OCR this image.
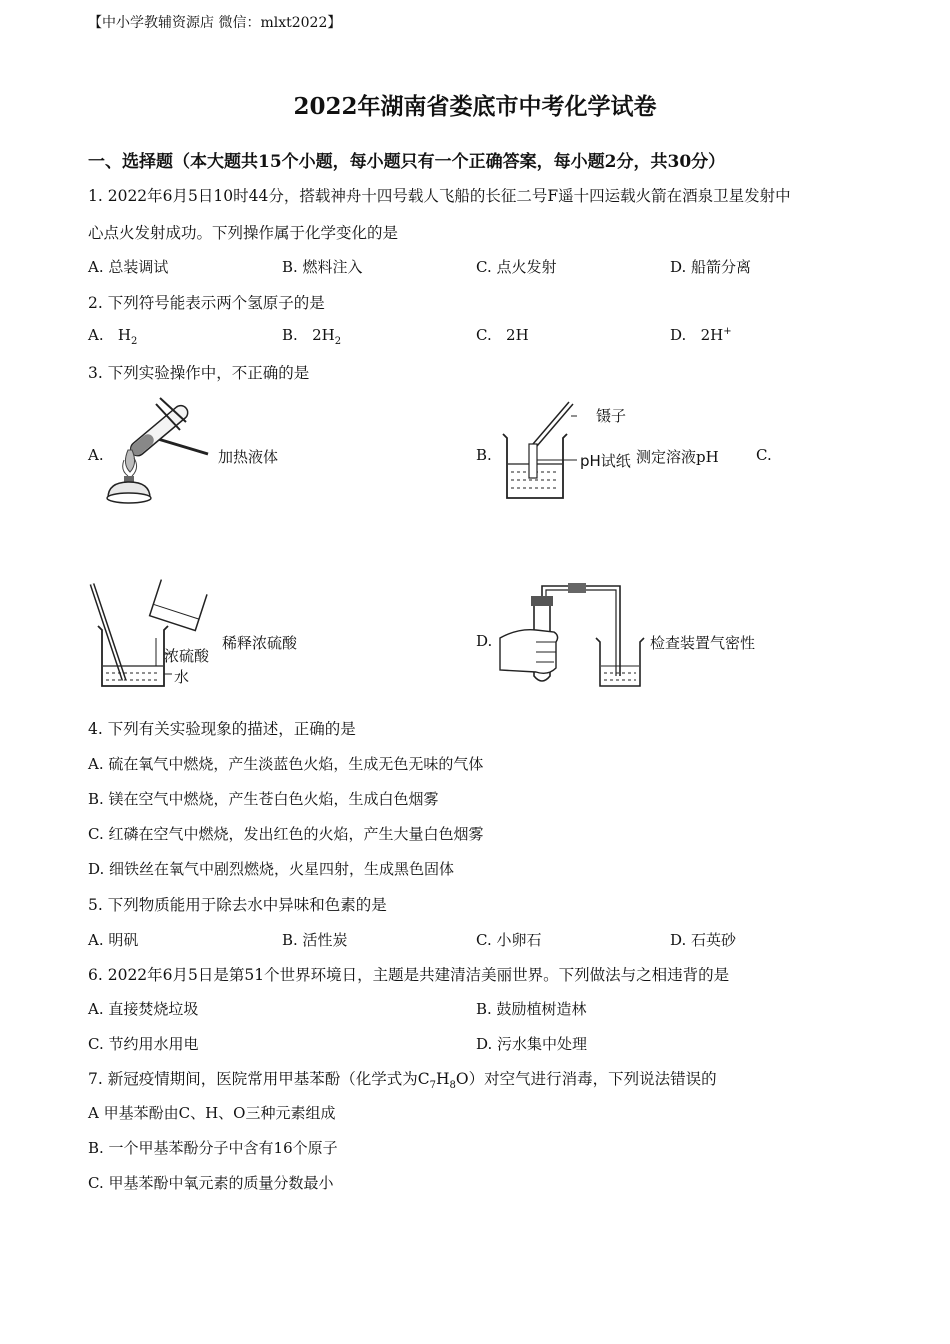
【中小学教辅资源店 微信：mlxt2022】
2022年湖南省娄底市中考化学试卷
一、选择题（本大题共15个小题，每小题只有一个正确答案，每小题2分，共30分）
1. 2022年6月5日10时44分，搭载神舟十四号载人飞船的长征二号F遥十四运载火箭在酒泉卫星发射中
心点火发射成功。下列操作属于化学变化的是
A. 总装调试	B. 燃料注入	C. 点火发射	D. 船箭分离
2. 下列符号能表示两个氢原子的是
A. $H_2$	B. $2H_2$	C. 2H	D. 2H+
3. 下列实验操作中，不正确的是
A.	加热液体	B.
镊子
pH试纸 测定溶液pH C.
浓硫酸
水
稀释浓硫酸	D.	检查装置气密性
4. 下列有关实验现象的描述，正确的是
A. 硫在氧气中燃烧，产生淡蓝色火焰，生成无色无味的气体
B. 镁在空气中燃烧，产生苍白色火焰，生成白色烟雾
C. 红磷在空气中燃烧，发出红色的火焰，产生大量白色烟雾
D. 细铁丝在氧气中剧烈燃烧，火星四射，生成黑色固体
5. 下列物质能用于除去水中异味和色素的是
A. 明矾	B. 活性炭	C. 小卵石	D. 石英砂
6. 2022年6月5日是第51个世界环境日，主题是共建清洁美丽世界。下列做法与之相违背的是
A. 直接焚烧垃圾	B. 鼓励植树造林
C. 节约用水用电	D. 污水集中处理
7. 新冠疫情期间，医院常用甲基苯酚（化学式为$C_7H_8O$）对空气进行消毒，下列说法错误的
A 甲基苯酚由C、H、O三种元素组成
B. 一个甲基苯酚分子中含有16个原子
C. 甲基苯酚中氧元素的质量分数最小
